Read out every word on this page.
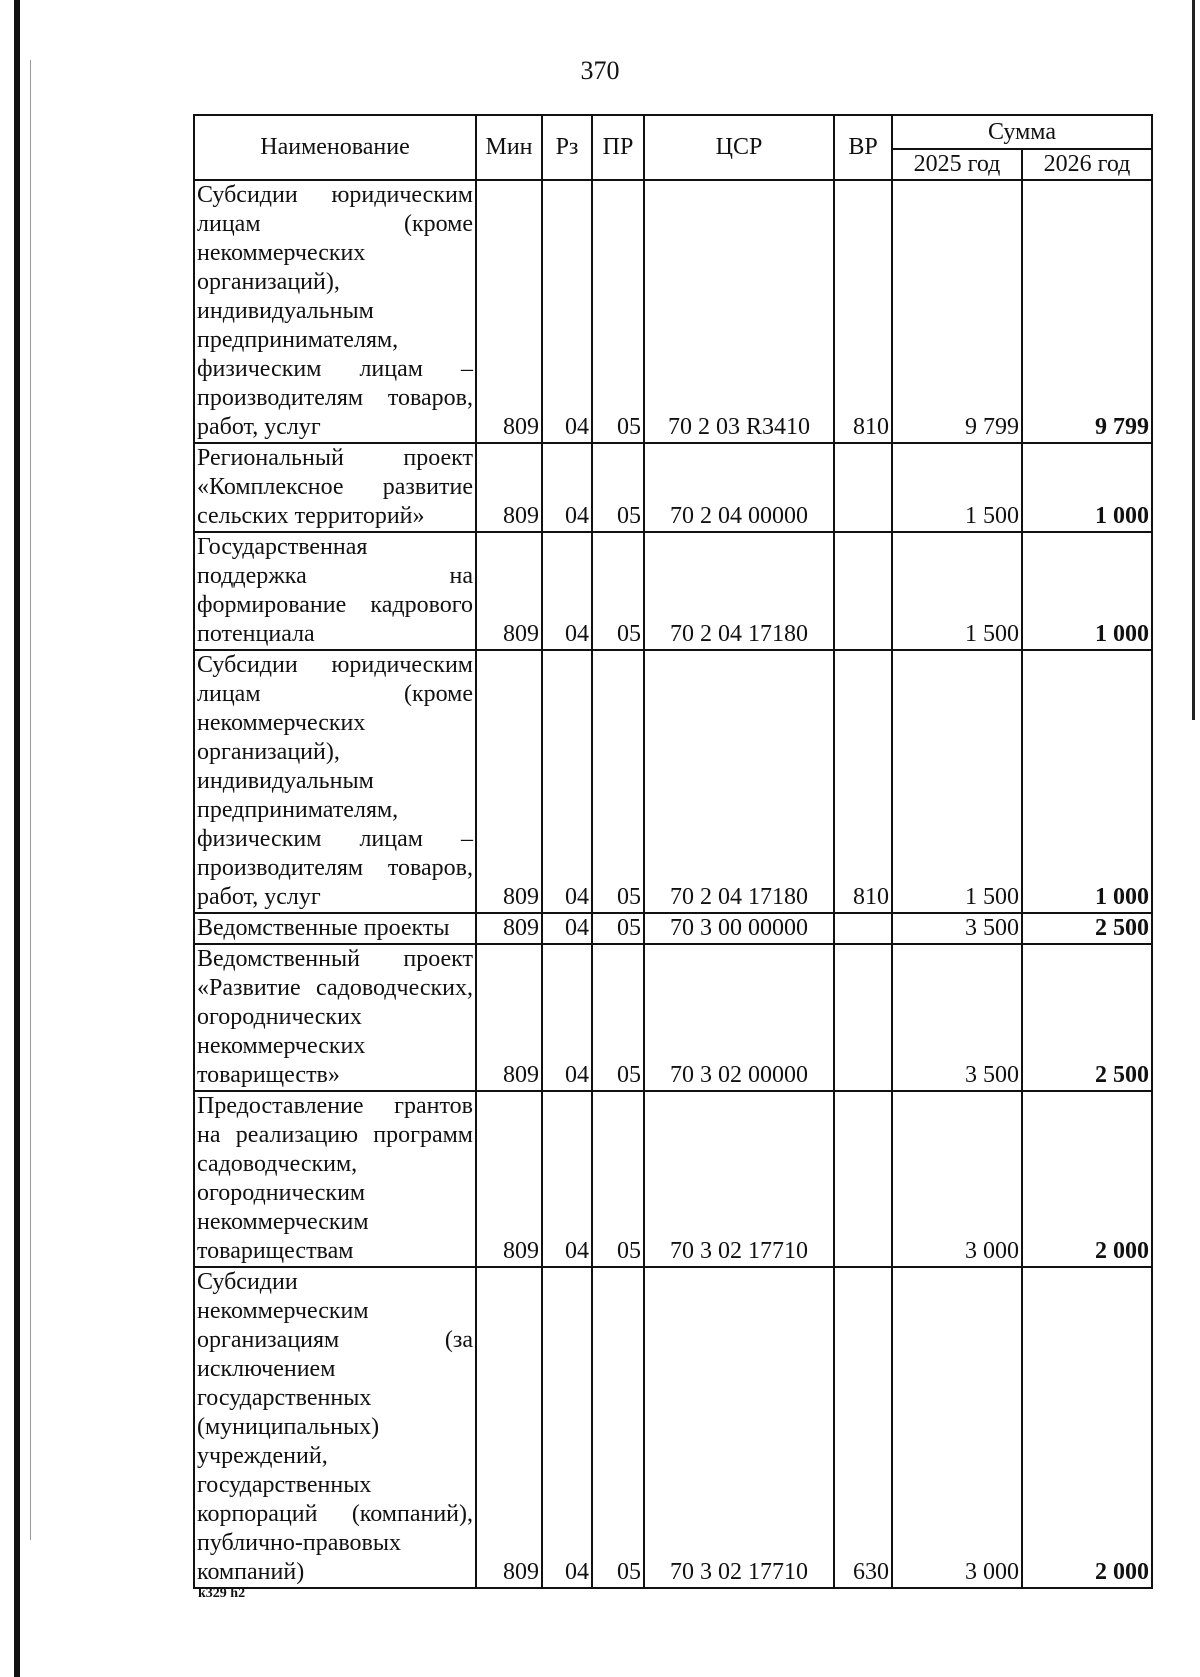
370
Наименование	Мин	Рз	ПР	ЦСР	ВР	Сумма	
						2025 год	2026 год
Субсидии юридическим лицам (кроме некоммерческих организаций), индивидуальным предпринимателям, физическим лицам – производителям товаров, работ, услуг	809	04	05	70 2 03 R3410	810	9 799	9 799
Региональный проект «Комплексное развитие сельских территорий»	809	04	05	70 2 04 00000		1 500	1 000
Государственная поддержка на формирование кадрового потенциала	809	04	05	70 2 04 17180		1 500	1 000
Субсидии юридическим лицам (кроме некоммерческих организаций), индивидуальным предпринимателям, физическим лицам – производителям товаров, работ, услуг	809	04	05	70 2 04 17180	810	1 500	1 000
Ведомственные проекты	809	04	05	70 3 00 00000		3 500	2 500
Ведомственный проект «Развитие садоводческих, огороднических некоммерческих товариществ»	809	04	05	70 3 02 00000		3 500	2 500
Предоставление грантов на реализацию программ садоводческим, огородническим некоммерческим товариществам	809	04	05	70 3 02 17710		3 000	2 000
Субсидии некоммерческим организациям (за исключением государственных (муниципальных) учреждений, государственных корпораций (компаний), публично-правовых компаний)	809	04	05	70 3 02 17710	630	3 000	2 000
k329 h2
